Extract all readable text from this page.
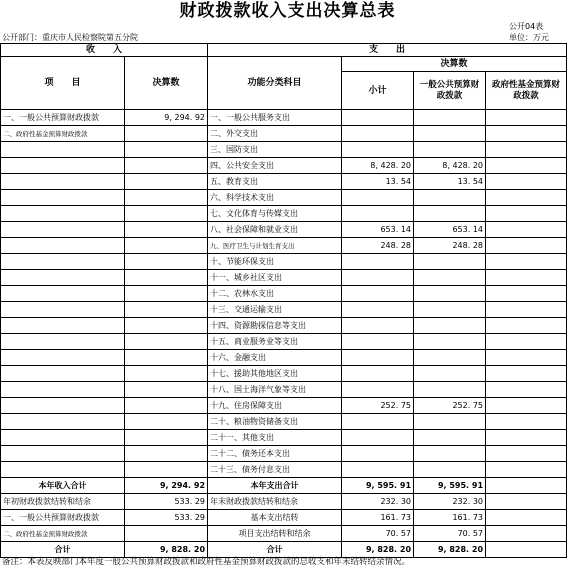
财政拨款收入支出决算总表
公开04表
公开部门：重庆市人民检察院第五分院	单位：万元
收　　入		支　　出			
项　　目	决算数	功能分类科目	决算数		
			小计	一般公共预算财政拨款	政府性基金预算财政拨款
一、一般公共预算财政拨款	9, 294. 92	一、一般公共服务支出			
二、政府性基金预算财政拨款		二、外交支出			
		三、国防支出			
		四、公共安全支出	8, 428. 20	8, 428. 20	
		五、教育支出	13. 54	13. 54	
		六、科学技术支出			
		七、文化体育与传媒支出			
		八、社会保障和就业支出	653. 14	653. 14	
		九、医疗卫生与计划生育支出	248. 28	248. 28	
		十、节能环保支出			
		十一、城乡社区支出			
		十二、农林水支出			
		十三、交通运输支出			
		十四、资源勘探信息等支出			
		十五、商业服务业等支出			
		十六、金融支出			
		十七、援助其他地区支出			
		十八、国土海洋气象等支出			
		十九、住房保障支出	252. 75	252. 75	
		二十、粮油物资储备支出			
		二十一、其他支出			
		二十二、债务还本支出			
		二十三、债务付息支出			
本年收入合计	9, 294. 92	本年支出合计	9, 595. 91	9, 595. 91	
年初财政拨款结转和结余	533. 29	年末财政拨款结转和结余	232. 30	232. 30	
一、一般公共预算财政拨款	533. 29	基本支出结转	161. 73	161. 73	
二、政府性基金预算财政拨款		项目支出结转和结余	70. 57	70. 57	
合计	9, 828. 20	合计	9, 828. 20	9, 828. 20	
备注：本表反映部门本年度一般公共预算财政拨款和政府性基金预算财政拨款的总收支和年末结转结余情况。
